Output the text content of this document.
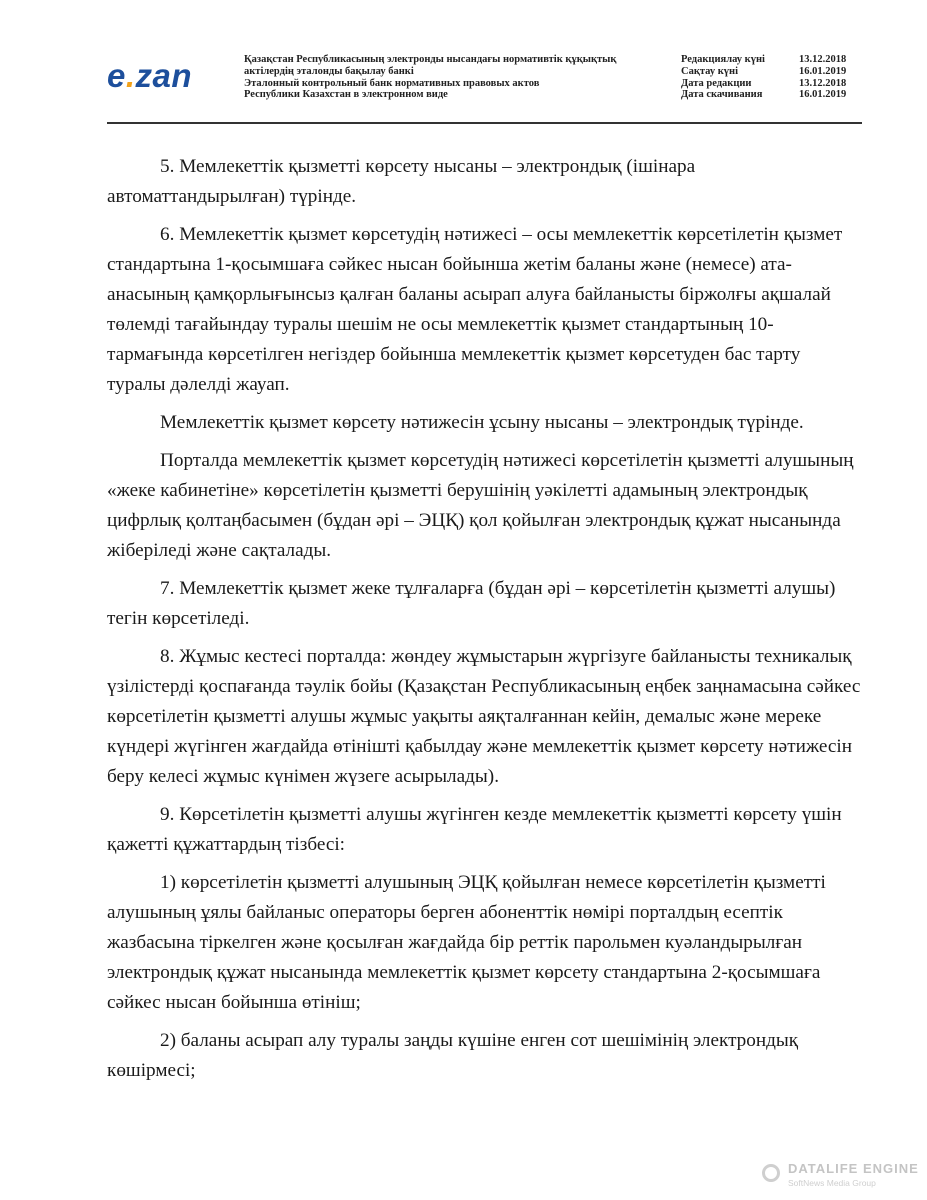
e.zan	Қазақстан Республикасының электронды нысандағы нормативтік құқықтық
актілердің эталонды бақылау банкі
Эталонный контрольный банк нормативных правовых актов
Республики Казахстан в электронном виде
Редакциялау күні	13.12.2018
Сақтау күні	16.01.2019
Дата редакции	13.12.2018
Дата скачивания	16.01.2019

5. Мемлекеттік қызметті көрсету нысаны – электрондық (ішінара автоматтандырылған) түрінде.

6. Мемлекеттік қызмет көрсетудің нәтижесі – осы мемлекеттік көрсетілетін қызмет стандартына 1-қосымшаға сәйкес нысан бойынша жетім баланы және (немесе) ата-анасының қамқорлығынсыз қалған баланы асырап алуға байланысты біржолғы ақшалай төлемді тағайындау туралы шешім не осы мемлекеттік қызмет стандартының 10-тармағында көрсетілген негіздер бойынша мемлекеттік қызмет көрсетуден бас тарту туралы дәлелді жауап.

Мемлекеттік қызмет көрсету нәтижесін ұсыну нысаны – электрондық түрінде.

Порталда мемлекеттік қызмет көрсетудің нәтижесі көрсетілетін қызметті алушының «жеке кабинетіне» көрсетілетін қызметті берушінің уәкілетті адамының электрондық цифрлық қолтаңбасымен (бұдан әрі – ЭЦҚ) қол қойылған электрондық құжат нысанында жіберіледі және сақталады.

7. Мемлекеттік қызмет жеке тұлғаларға (бұдан әрі – көрсетілетін қызметті алушы) тегін көрсетіледі.

8. Жұмыс кестесі порталда: жөндеу жұмыстарын жүргізуге байланысты техникалық үзілістерді қоспағанда тәулік бойы (Қазақстан Республикасының еңбек заңнамасына сәйкес көрсетілетін қызметті алушы жұмыс уақыты аяқталғаннан кейін, демалыс және мереке күндері жүгінген жағдайда өтінішті қабылдау және мемлекеттік қызмет көрсету нәтижесін беру келесі жұмыс күнімен жүзеге асырылады).

9. Көрсетілетін қызметті алушы жүгінген кезде мемлекеттік қызметті көрсету үшін қажетті құжаттардың тізбесі:

1) көрсетілетін қызметті алушының ЭЦҚ қойылған немесе көрсетілетін қызметті алушының ұялы байланыс операторы берген абоненттік нөмірі порталдың есептік жазбасына тіркелген және қосылған жағдайда бір реттік парольмен куәландырылған электрондық құжат нысанында мемлекеттік қызмет көрсету стандартына 2-қосымшаға сәйкес нысан бойынша өтініш;

2) баланы асырап алу туралы заңды күшіне енген сот шешімінің электрондық көшірмесі;

DATALIFE ENGINE
SoftNews Media Group
